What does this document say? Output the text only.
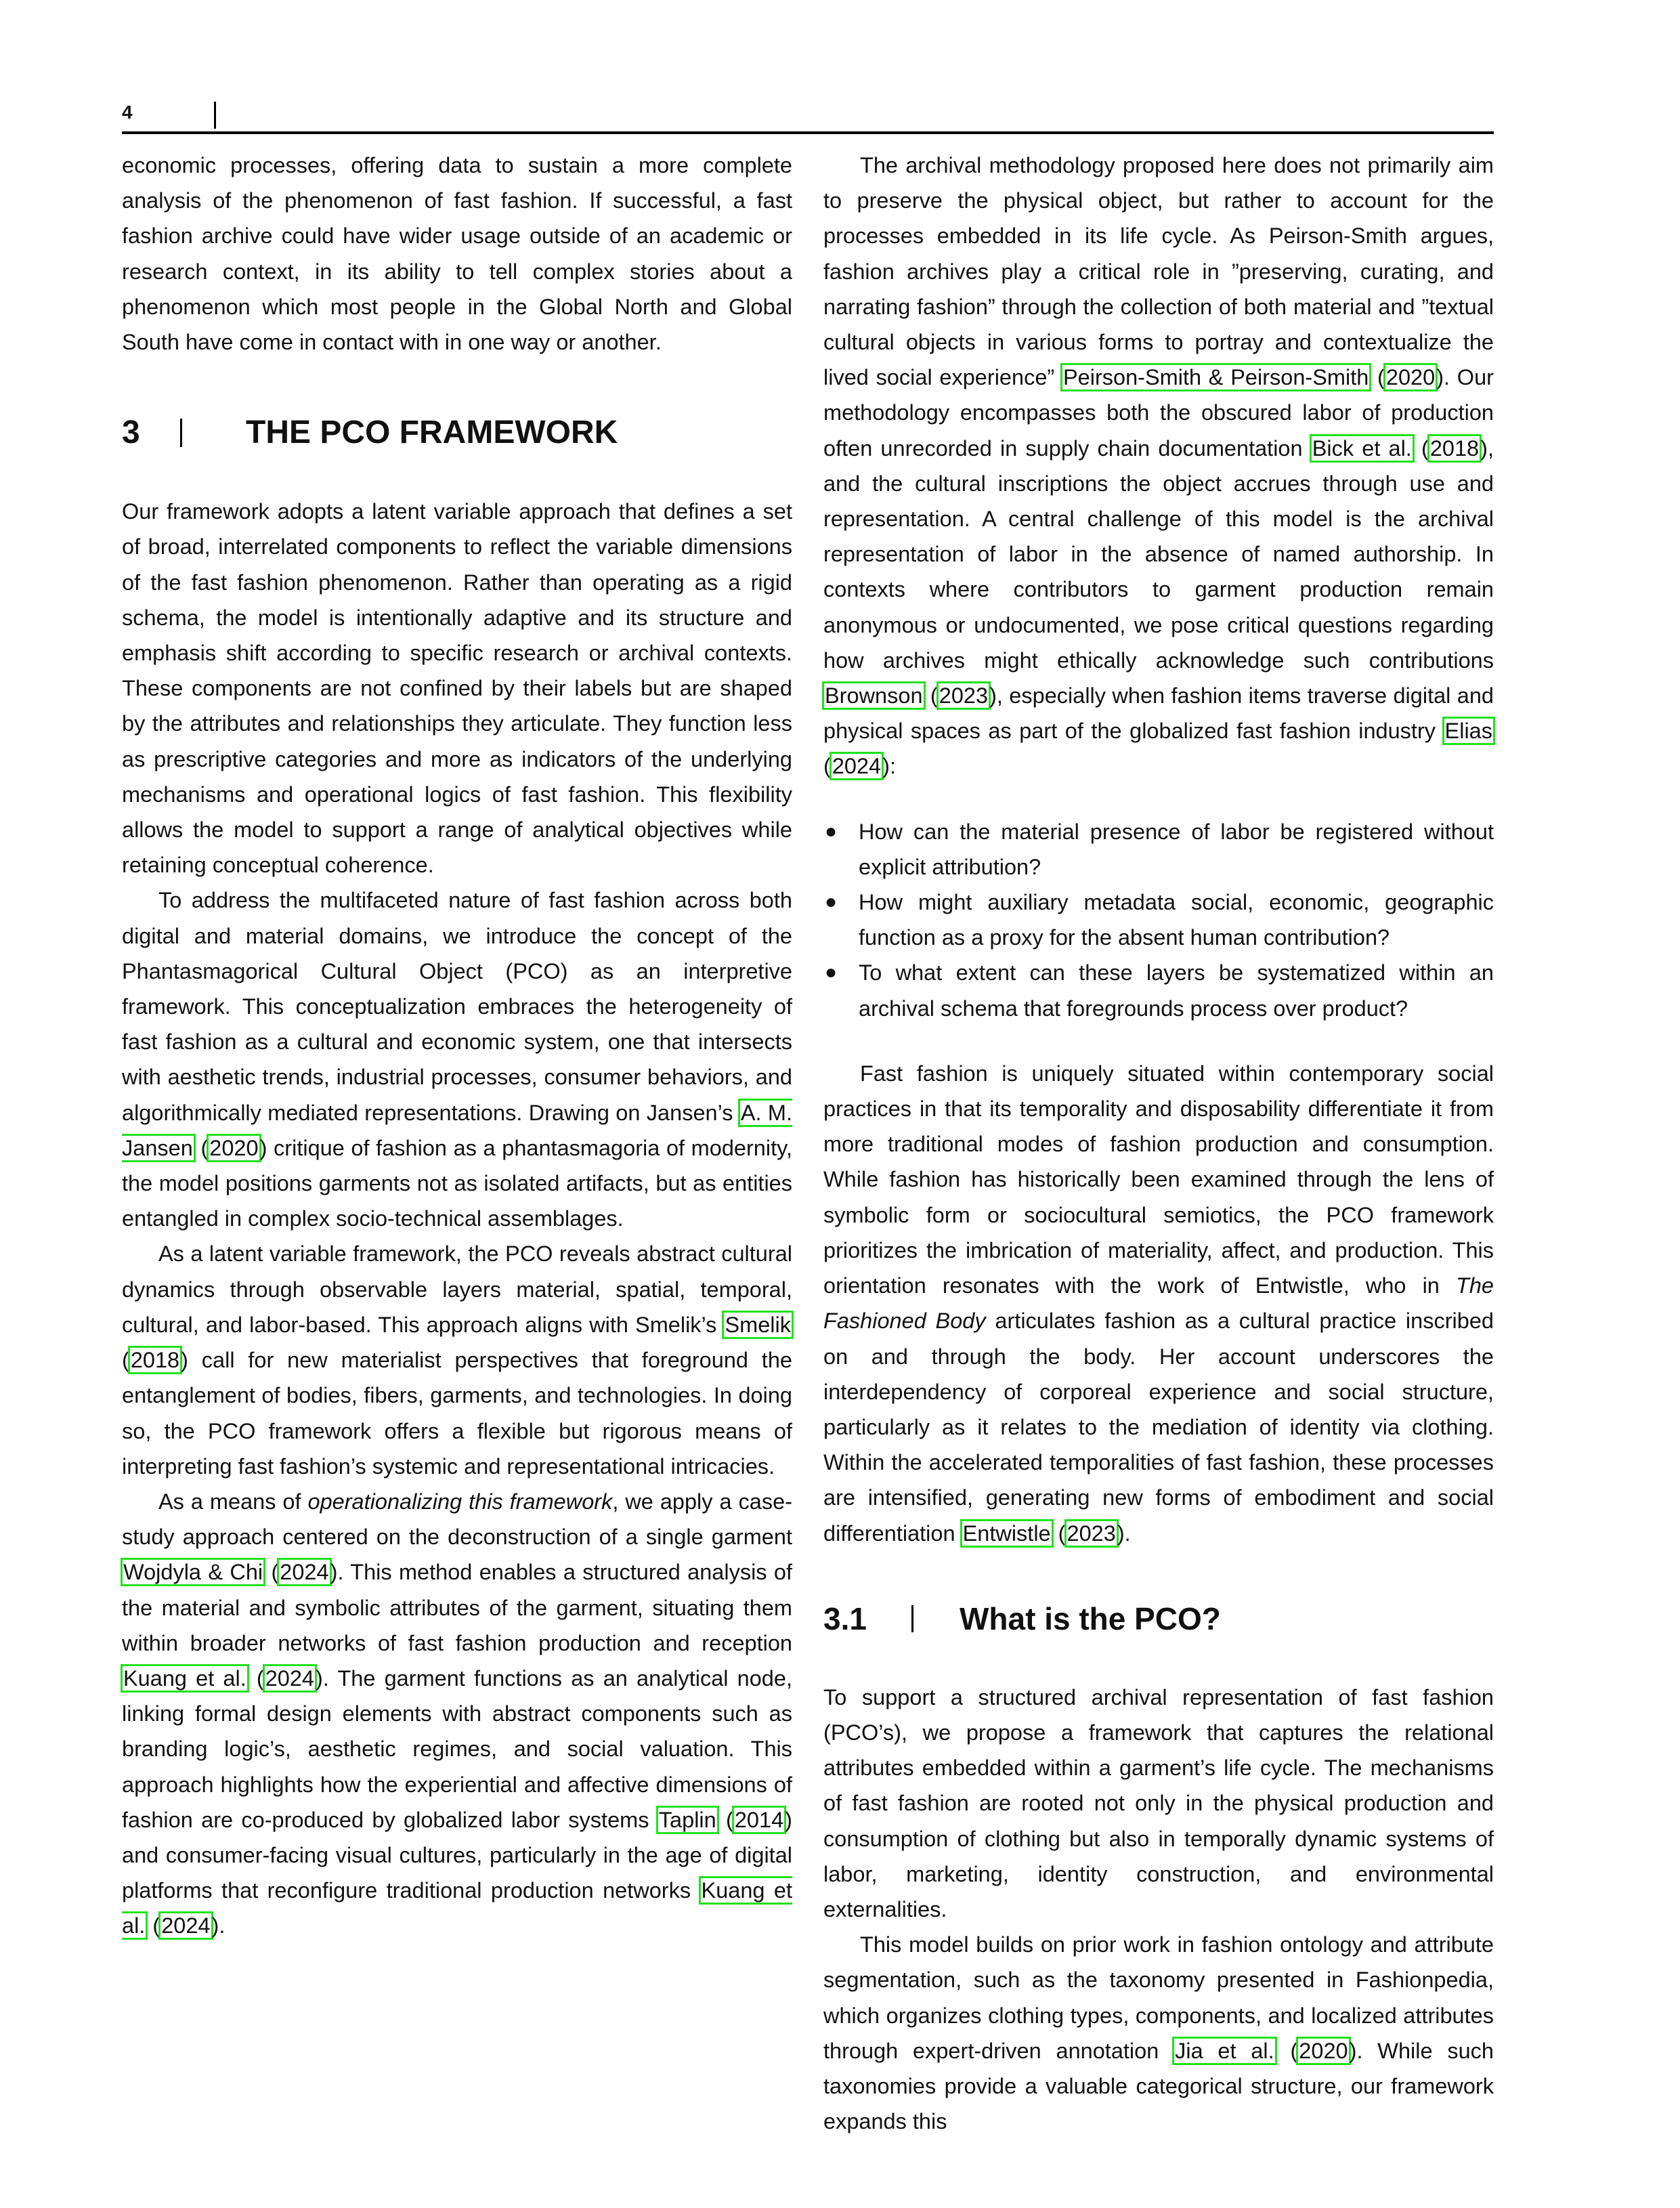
4

economic processes, offering data to sustain a more complete analysis of the phenomenon of fast fashion. If successful, a fast fashion archive could have wider usage outside of an academic or research context, in its ability to tell complex stories about a phenomenon which most people in the Global North and Global South have come in contact with in one way or another.

3	THE PCO FRAMEWORK

Our framework adopts a latent variable approach that defines a set of broad, interrelated components to reflect the variable dimensions of the fast fashion phenomenon. Rather than operating as a rigid schema, the model is intentionally adaptive and its structure and emphasis shift according to specific research or archival contexts. These components are not confined by their labels but are shaped by the attributes and relationships they articulate. They function less as prescriptive categories and more as indicators of the underlying mechanisms and operational logics of fast fashion. This flexibility allows the model to support a range of analytical objectives while retaining conceptual coherence.

To address the multifaceted nature of fast fashion across both digital and material domains, we introduce the concept of the Phantasmagorical Cultural Object (PCO) as an interpretive framework. This conceptualization embraces the heterogeneity of fast fashion as a cultural and economic system, one that intersects with aesthetic trends, industrial processes, consumer behaviors, and algorithmically mediated representations. Drawing on Jansen’s A. M. Jansen (2020) critique of fashion as a phantasmagoria of modernity, the model positions garments not as isolated artifacts, but as entities entangled in complex socio-technical assemblages.

As a latent variable framework, the PCO reveals abstract cultural dynamics through observable layers material, spatial, temporal, cultural, and labor-based. This approach aligns with Smelik’s Smelik (2018) call for new materialist perspectives that foreground the entanglement of bodies, fibers, garments, and technologies. In doing so, the PCO framework offers a flexible but rigorous means of interpreting fast fashion’s systemic and representational intricacies.

As a means of operationalizing this framework, we apply a case-study approach centered on the deconstruction of a single garment Wojdyla & Chi (2024). This method enables a structured analysis of the material and symbolic attributes of the garment, situating them within broader networks of fast fashion production and reception Kuang et al. (2024). The garment functions as an analytical node, linking formal design elements with abstract components such as branding logic’s, aesthetic regimes, and social valuation. This approach highlights how the experiential and affective dimensions of fashion are co-produced by globalized labor systems Taplin (2014) and consumer-facing visual cultures, particularly in the age of digital platforms that reconfigure traditional production networks Kuang et al. (2024).

The archival methodology proposed here does not primarily aim to preserve the physical object, but rather to account for the processes embedded in its life cycle. As Peirson-Smith argues, fashion archives play a critical role in ”preserving, curating, and narrating fashion” through the collection of both material and ”textual cultural objects in various forms to portray and contextualize the lived social experience” Peirson-Smith & Peirson-Smith (2020). Our methodology encompasses both the obscured labor of production often unrecorded in supply chain documentation Bick et al. (2018), and the cultural inscriptions the object accrues through use and representation. A central challenge of this model is the archival representation of labor in the absence of named authorship. In contexts where contributors to garment production remain anonymous or undocumented, we pose critical questions regarding how archives might ethically acknowledge such contributions Brownson (2023), especially when fashion items traverse digital and physical spaces as part of the globalized fast fashion industry Elias (2024):

● How can the material presence of labor be registered without explicit attribution?
● How might auxiliary metadata social, economic, geographic function as a proxy for the absent human contribution?
● To what extent can these layers be systematized within an archival schema that foregrounds process over product?

Fast fashion is uniquely situated within contemporary social practices in that its temporality and disposability differentiate it from more traditional modes of fashion production and consumption. While fashion has historically been examined through the lens of symbolic form or sociocultural semiotics, the PCO framework prioritizes the imbrication of materiality, affect, and production. This orientation resonates with the work of Entwistle, who in The Fashioned Body articulates fashion as a cultural practice inscribed on and through the body. Her account underscores the interdependency of corporeal experience and social structure, particularly as it relates to the mediation of identity via clothing. Within the accelerated temporalities of fast fashion, these processes are intensified, generating new forms of embodiment and social differentiation Entwistle (2023).

3.1	What is the PCO?

To support a structured archival representation of fast fashion (PCO’s), we propose a framework that captures the relational attributes embedded within a garment’s life cycle. The mechanisms of fast fashion are rooted not only in the physical production and consumption of clothing but also in temporally dynamic systems of labor, marketing, identity construction, and environmental externalities.

This model builds on prior work in fashion ontology and attribute segmentation, such as the taxonomy presented in Fashionpedia, which organizes clothing types, components, and localized attributes through expert-driven annotation Jia et al. (2020). While such taxonomies provide a valuable categorical structure, our framework expands this
